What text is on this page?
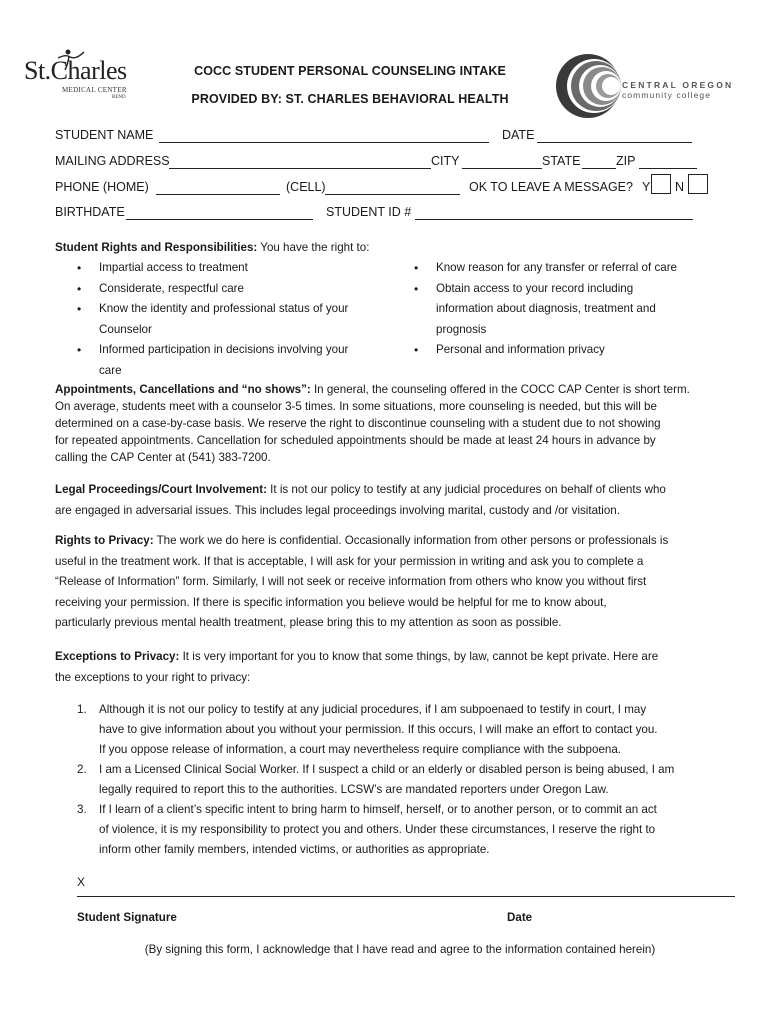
St.Charles
MEDICAL CENTER
BEND
COCC STUDENT PERSONAL COUNSELING INTAKE
PROVIDED BY: ST. CHARLES BEHAVIORAL HEALTH
CENTRAL OREGON
community college
STUDENT NAME	DATE
MAILING ADDRESS	CITY	STATE	ZIP
PHONE (HOME)	(CELL)	OK TO LEAVE A MESSAGE? Y N
BIRTHDATE	STUDENT ID #
Student Rights and Responsibilities: You have the right to:
• Impartial access to treatment
• Considerate, respectful care
• Know the identity and professional status of your
Counselor
• Informed participation in decisions involving your
care
• Know reason for any transfer or referral of care
• Obtain access to your record including
information about diagnosis, treatment and
prognosis
• Personal and information privacy
Appointments, Cancellations and “no shows”: In general, the counseling offered in the COCC CAP Center is short term.
On average, students meet with a counselor 3-5 times. In some situations, more counseling is needed, but this will be
determined on a case-by-case basis. We reserve the right to discontinue counseling with a student due to not showing
for repeated appointments. Cancellation for scheduled appointments should be made at least 24 hours in advance by
calling the CAP Center at (541) 383-7200.
Legal Proceedings/Court Involvement: It is not our policy to testify at any judicial procedures on behalf of clients who
are engaged in adversarial issues. This includes legal proceedings involving marital, custody and /or visitation.
Rights to Privacy: The work we do here is confidential. Occasionally information from other persons or professionals is
useful in the treatment work. If that is acceptable, I will ask for your permission in writing and ask you to complete a
“Release of Information” form. Similarly, I will not seek or receive information from others who know you without first
receiving your permission. If there is specific information you believe would be helpful for me to know about,
particularly previous mental health treatment, please bring this to my attention as soon as possible.
Exceptions to Privacy: It is very important for you to know that some things, by law, cannot be kept private. Here are
the exceptions to your right to privacy:
1. Although it is not our policy to testify at any judicial procedures, if I am subpoenaed to testify in court, I may
have to give information about you without your permission. If this occurs, I will make an effort to contact you.
If you oppose release of information, a court may nevertheless require compliance with the subpoena.
2. I am a Licensed Clinical Social Worker. If I suspect a child or an elderly or disabled person is being abused, I am
legally required to report this to the authorities. LCSW’s are mandated reporters under Oregon Law.
3. If I learn of a client’s specific intent to bring harm to himself, herself, or to another person, or to commit an act
of violence, it is my responsibility to protect you and others. Under these circumstances, I reserve the right to
inform other family members, intended victims, or authorities as appropriate.
X
Student Signature	Date
(By signing this form, I acknowledge that I have read and agree to the information contained herein)
